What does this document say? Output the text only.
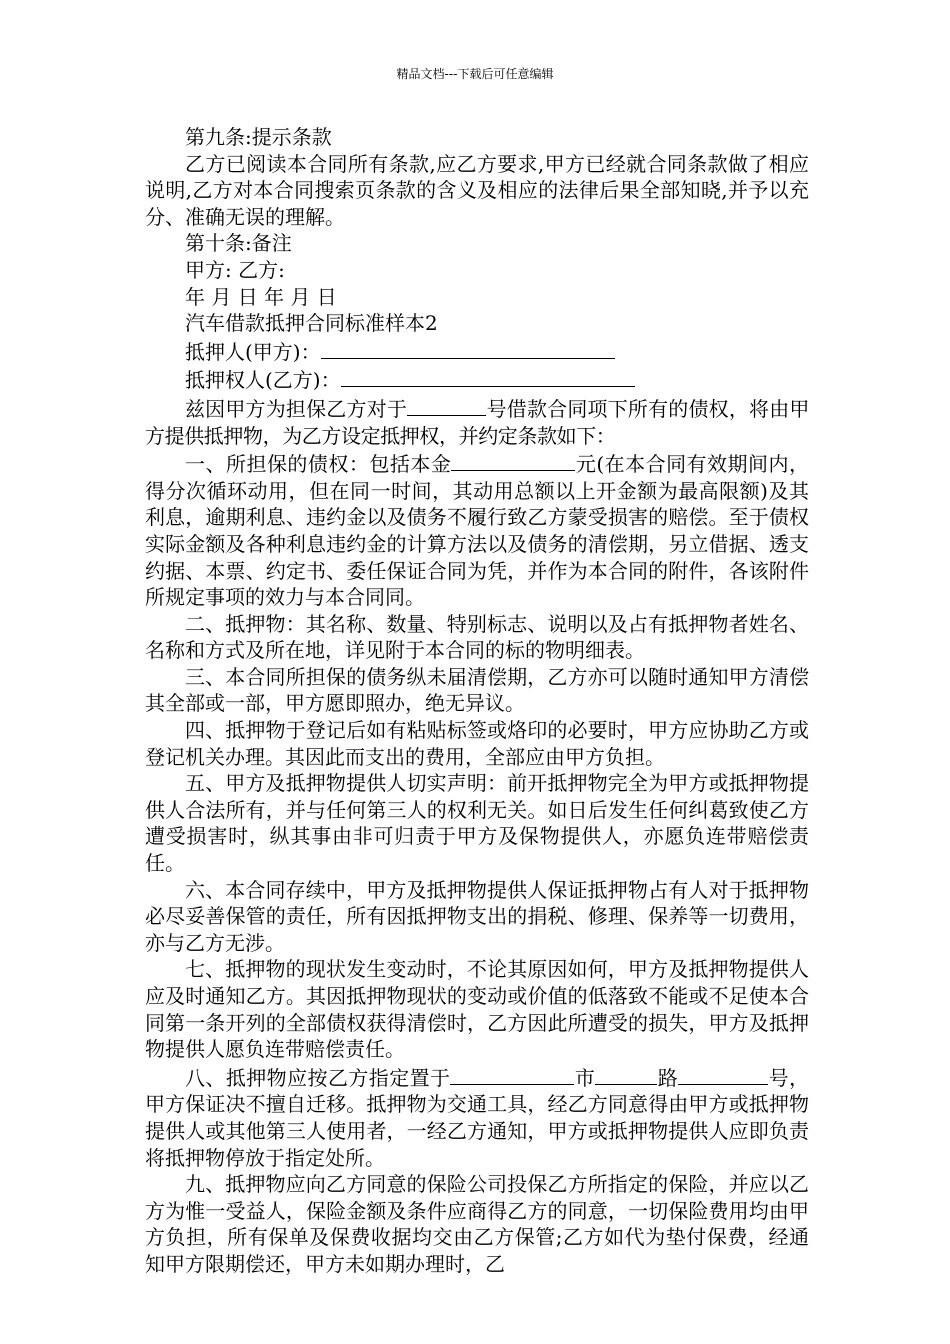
精品文档---下载后可任意编辑

第九条:提示条款

乙方已阅读本合同所有条款,应乙方要求,甲方已经就合同条款做了相应说明,乙方对本合同搜索页条款的含义及相应的法律后果全部知晓,并予以充分、准确无误的理解。

第十条:备注

甲方: 乙方:

年 月 日 年 月 日

汽车借款抵押合同标准样本2

抵押人(甲方)：

抵押权人(乙方)：

兹因甲方为担保乙方对于	号借款合同项下所有的债权，将由甲方提供抵押物，为乙方设定抵押权，并约定条款如下：

一、所担保的债权：包括本金	元(在本合同有效期间内，得分次循环动用，但在同一时间，其动用总额以上开金额为最高限额)及其利息，逾期利息、违约金以及债务不履行致乙方蒙受损害的赔偿。至于债权实际金额及各种利息违约金的计算方法以及债务的清偿期，另立借据、透支约据、本票、约定书、委任保证合同为凭，并作为本合同的附件，各该附件所规定事项的效力与本合同同。

二、抵押物：其名称、数量、特别标志、说明以及占有抵押物者姓名、名称和方式及所在地，详见附于本合同的标的物明细表。

三、本合同所担保的债务纵未届清偿期，乙方亦可以随时通知甲方清偿其全部或一部，甲方愿即照办，绝无异议。

四、抵押物于登记后如有粘贴标签或烙印的必要时，甲方应协助乙方或登记机关办理。其因此而支出的费用，全部应由甲方负担。

五、甲方及抵押物提供人切实声明：前开抵押物完全为甲方或抵押物提供人合法所有，并与任何第三人的权利无关。如日后发生任何纠葛致使乙方遭受损害时，纵其事由非可归责于甲方及保物提供人，亦愿负连带赔偿责任。

六、本合同存续中，甲方及抵押物提供人保证抵押物占有人对于抵押物必尽妥善保管的责任，所有因抵押物支出的捐税、修理、保养等一切费用，亦与乙方无涉。

七、抵押物的现状发生变动时，不论其原因如何，甲方及抵押物提供人应及时通知乙方。其因抵押物现状的变动或价值的低落致不能或不足使本合同第一条开列的全部债权获得清偿时，乙方因此所遭受的损失，甲方及抵押物提供人愿负连带赔偿责任。

八、抵押物应按乙方指定置于	市	路	号，甲方保证决不擅自迁移。抵押物为交通工具，经乙方同意得由甲方或抵押物提供人或其他第三人使用者，一经乙方通知，甲方或抵押物提供人应即负责将抵押物停放于指定处所。

九、抵押物应向乙方同意的保险公司投保乙方所指定的保险，并应以乙方为惟一受益人，保险金额及条件应商得乙方的同意，一切保险费用均由甲方负担，所有保单及保费收据均交由乙方保管;乙方如代为垫付保费，经通知甲方限期偿还，甲方未如期办理时，乙
